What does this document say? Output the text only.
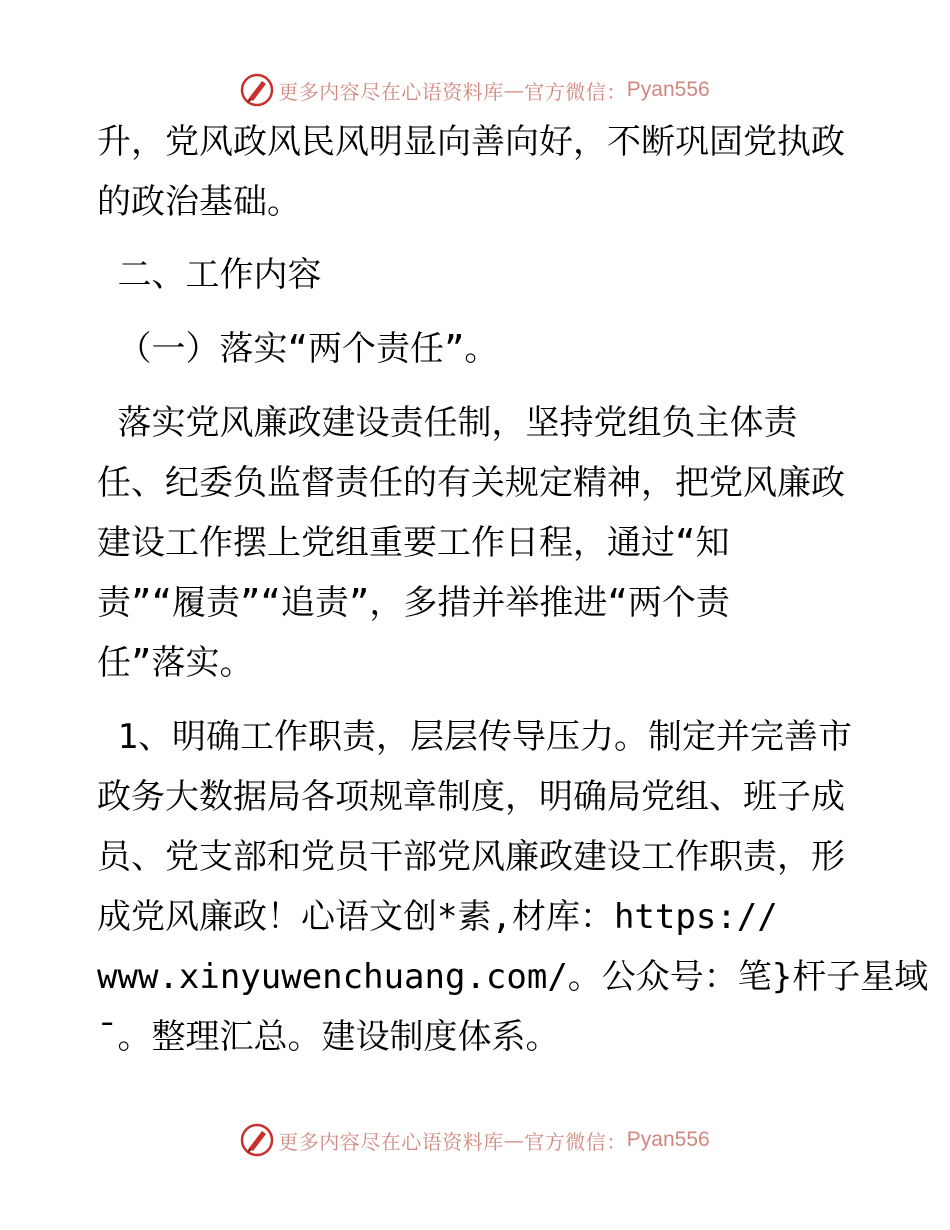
更多内容尽在心语资料库 — 官方微信： Pyan556
升，党风政风民风明显向善向好，不断巩固党执政
的政治基础。
二、工作内容
（一）落实“两个责任”。
落实党风廉政建设责任制，坚持党组负主体责
任、纪委负监督责任的有关规定精神，把党风廉政
建设工作摆上党组重要工作日程，通过“知
责”“履责”“追责”，多措并举推进“两个责
任”落实。
1、明确工作职责，层层传导压力。制定并完善市
政务大数据局各项规章制度，明确局党组、班子成
员、党支部和党员干部党风廉政建设工作职责，形
成党风廉政！心语文创*素,材库：https://
www.xinyuwenchuang.com/。公众号：笔}杆子星域
ˉ。整理汇总。建设制度体系。
更多内容尽在心语资料库 — 官方微信： Pyan556
